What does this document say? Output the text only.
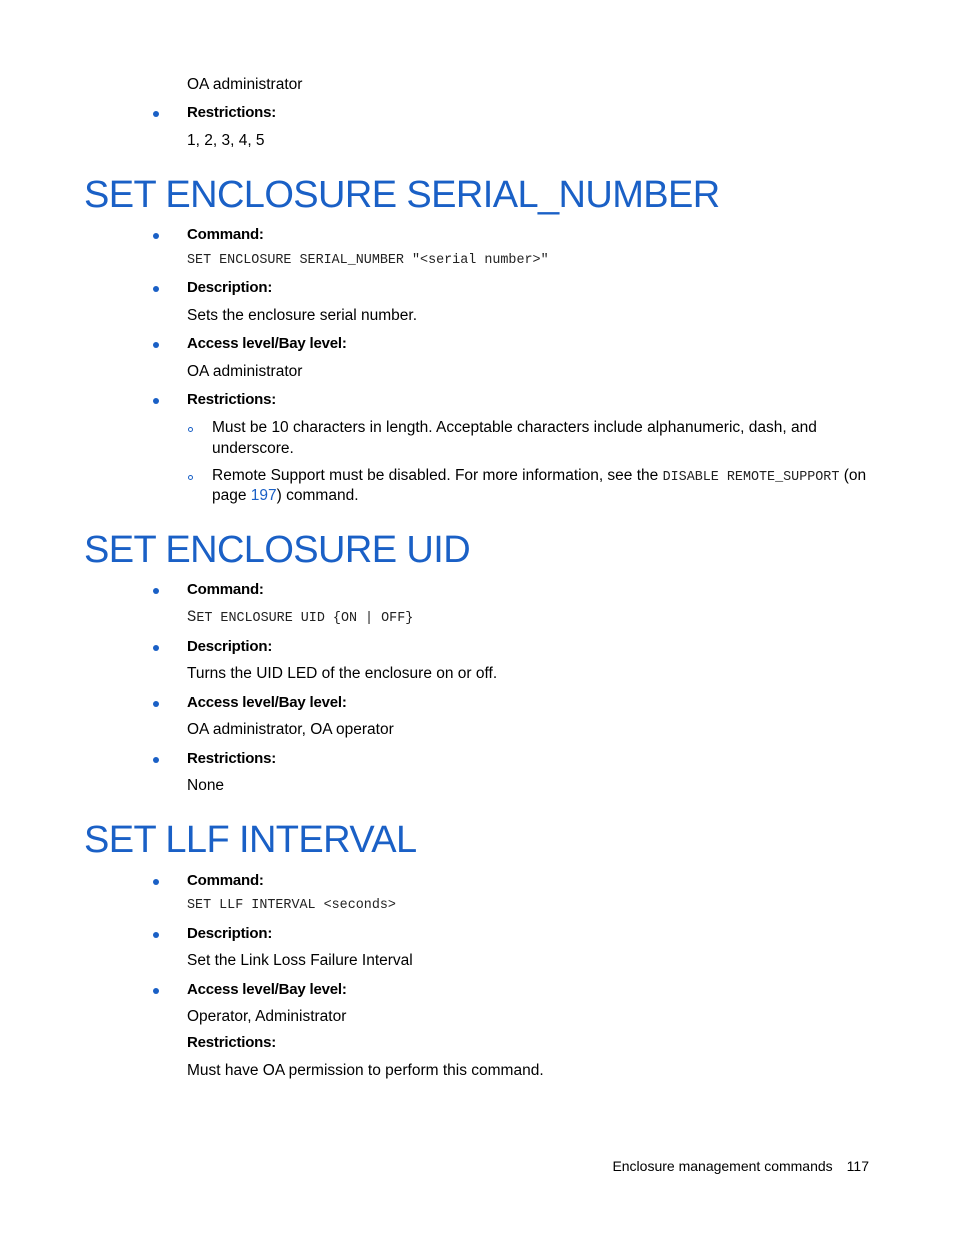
OA administrator
Restrictions:
1, 2, 3, 4, 5
SET ENCLOSURE SERIAL_NUMBER
Command:
SET ENCLOSURE SERIAL_NUMBER "<serial number>"
Description:
Sets the enclosure serial number.
Access level/Bay level:
OA administrator
Restrictions:
Must be 10 characters in length. Acceptable characters include alphanumeric, dash, and
underscore.
Remote Support must be disabled. For more information, see the DISABLE REMOTE_SUPPORT (on
page 197) command.
SET ENCLOSURE UID
Command:
SET ENCLOSURE UID {ON | OFF}
Description:
Turns the UID LED of the enclosure on or off.
Access level/Bay level:
OA administrator, OA operator
Restrictions:
None
SET LLF INTERVAL
Command:
SET LLF INTERVAL <seconds>
Description:
Set the Link Loss Failure Interval
Access level/Bay level:
Operator, Administrator
Restrictions:
Must have OA permission to perform this command.
Enclosure management commands 117
